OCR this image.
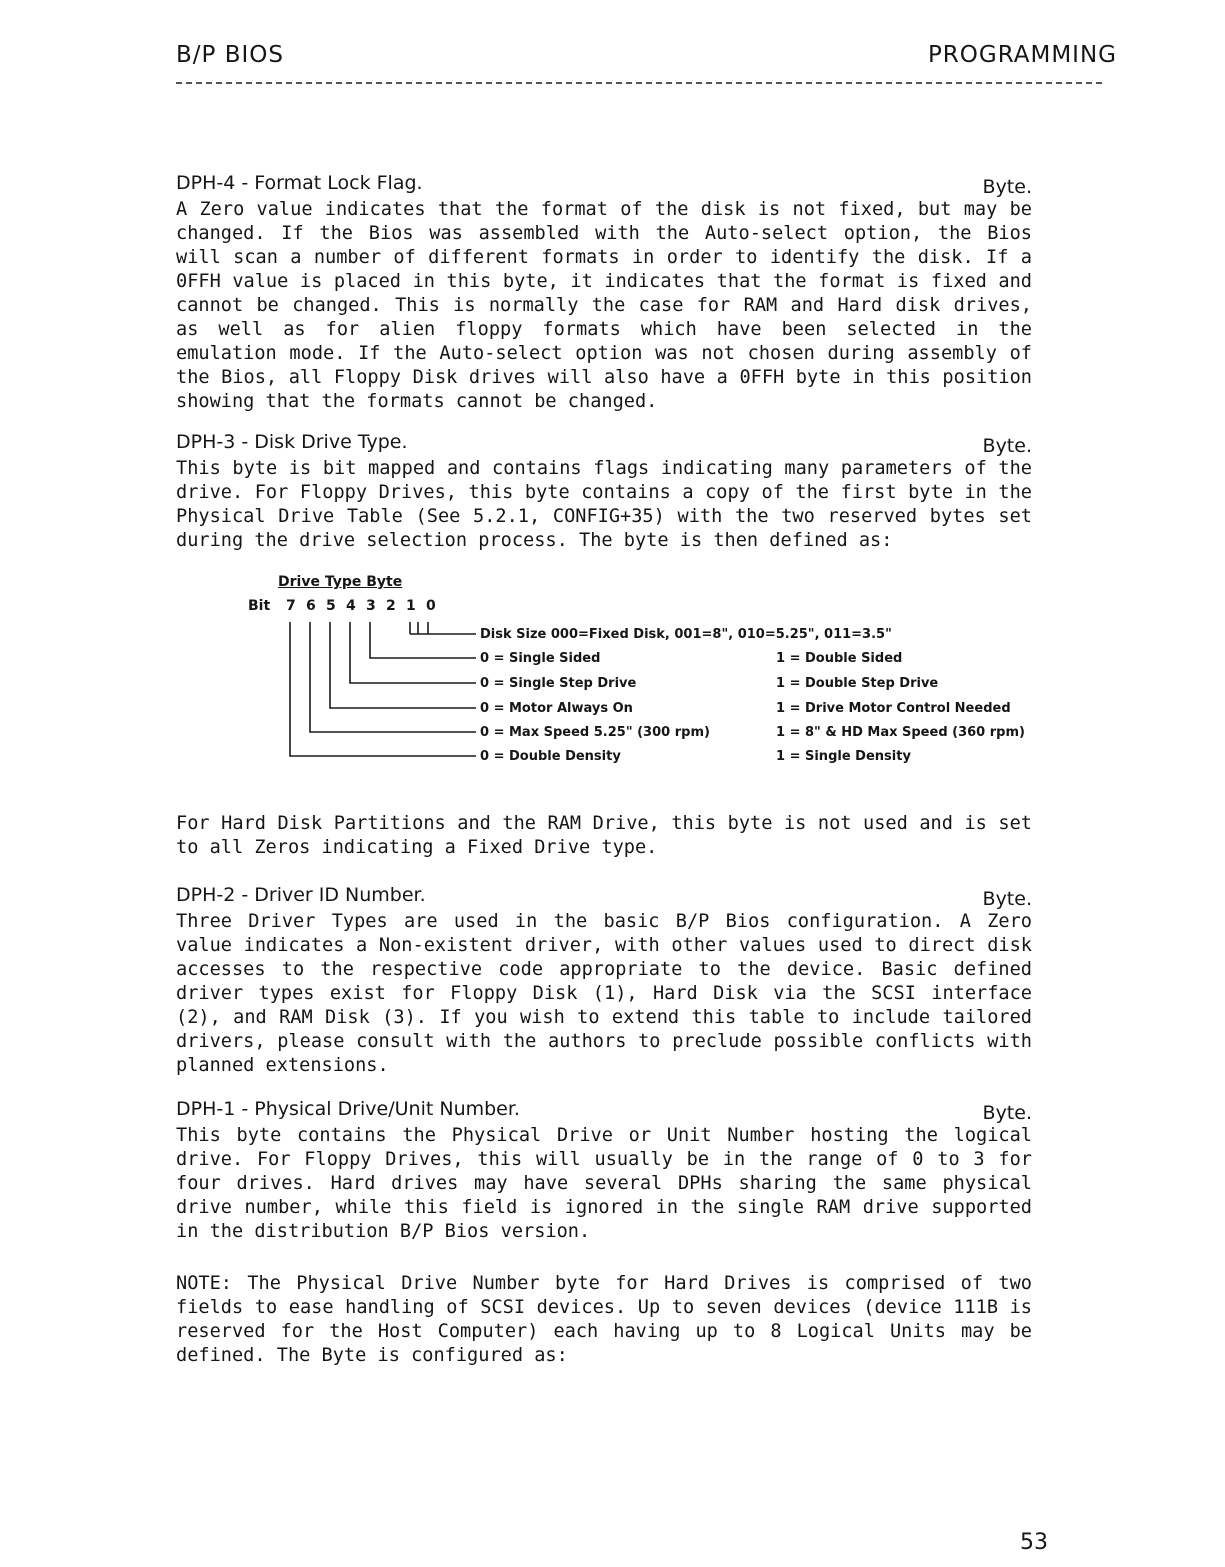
B/P BIOS	PROGRAMMING
DPH-4 - Format Lock Flag.	Byte.

A Zero value indicates that the format of the disk is not fixed, but may be changed. If the Bios was assembled with the Auto-select option, the Bios will scan a number of different formats in order to identify the disk. If a 0FFH value is placed in this byte, it indicates that the format is fixed and cannot be changed. This is normally the case for RAM and Hard disk drives, as well as for alien floppy formats which have been selected in the emulation mode. If the Auto-select option was not chosen during assembly of the Bios, all Floppy Disk drives will also have a 0FFH byte in this position showing that the formats cannot be changed.

DPH-3 - Disk Drive Type.	Byte.

This byte is bit mapped and contains flags indicating many parameters of the drive. For Floppy Drives, this byte contains a copy of the first byte in the Physical Drive Table (See 5.2.1, CONFIG+35) with the two reserved bytes set during the drive selection process. The byte is then defined as:

Drive Type Byte
Bit 7 6 5 4 3 2 1 0
Disk Size 000=Fixed Disk, 001=8", 010=5.25", 011=3.5"
0 = Single Sided	1 = Double Sided
0 = Single Step Drive	1 = Double Step Drive
0 = Motor Always On	1 = Drive Motor Control Needed
0 = Max Speed 5.25" (300 rpm)	1 = 8" & HD Max Speed (360 rpm)
0 = Double Density	1 = Single Density

For Hard Disk Partitions and the RAM Drive, this byte is not used and is set to all Zeros indicating a Fixed Drive type.

DPH-2 - Driver ID Number.	Byte.

Three Driver Types are used in the basic B/P Bios configuration. A Zero value indicates a Non-existent driver, with other values used to direct disk accesses to the respective code appropriate to the device. Basic defined driver types exist for Floppy Disk (1), Hard Disk via the SCSI interface (2), and RAM Disk (3). If you wish to extend this table to include tailored drivers, please consult with the authors to preclude possible conflicts with planned extensions.

DPH-1 - Physical Drive/Unit Number.	Byte.

This byte contains the Physical Drive or Unit Number hosting the logical drive. For Floppy Drives, this will usually be in the range of 0 to 3 for four drives. Hard drives may have several DPHs sharing the same physical drive number, while this field is ignored in the single RAM drive supported in the distribution B/P Bios version.

NOTE: The Physical Drive Number byte for Hard Drives is comprised of two fields to ease handling of SCSI devices. Up to seven devices (device 111B is reserved for the Host Computer) each having up to 8 Logical Units may be defined. The Byte is configured as:

53
